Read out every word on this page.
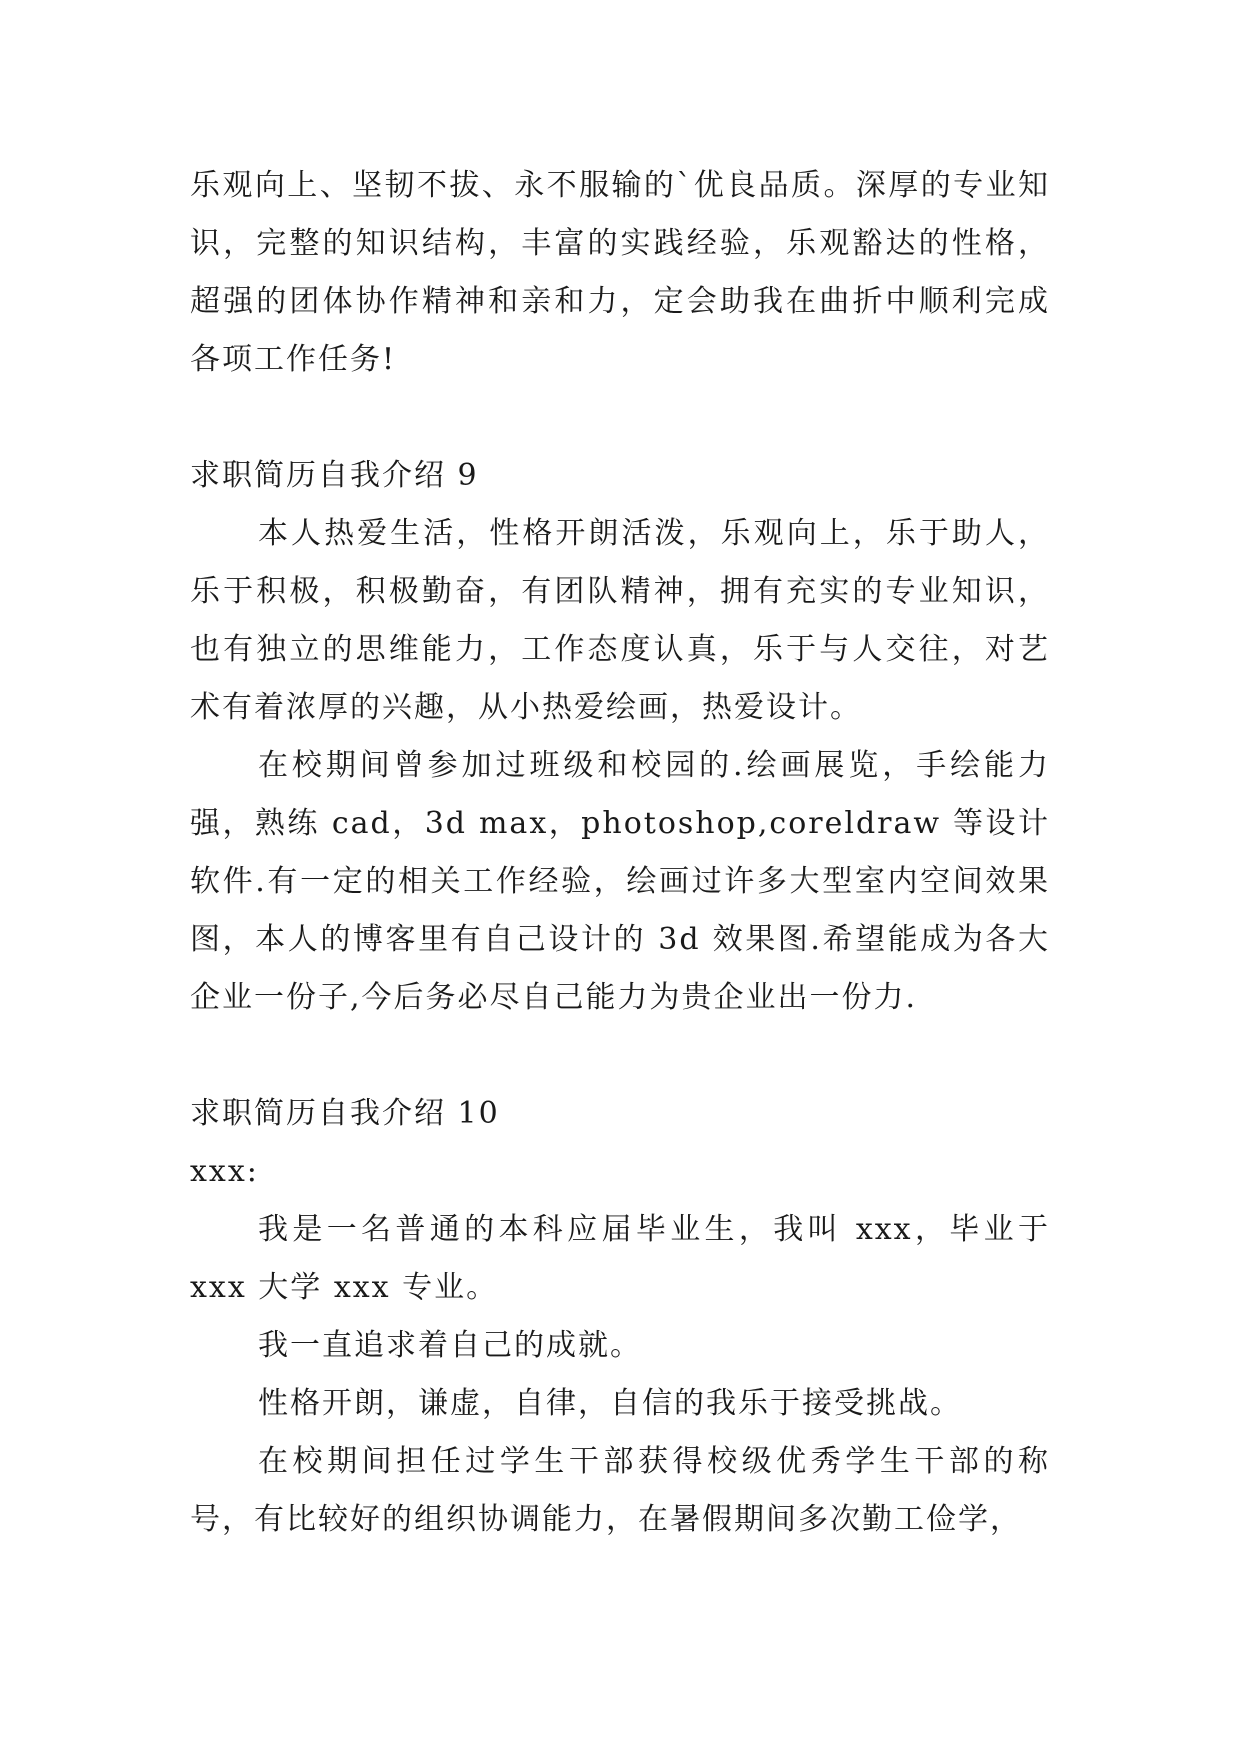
乐观向上、坚韧不拔、永不服输的`优良品质。深厚的专业知识，完整的知识结构，丰富的实践经验，乐观豁达的性格，超强的团体协作精神和亲和力，定会助我在曲折中顺利完成各项工作任务!

求职简历自我介绍 9

本人热爱生活，性格开朗活泼，乐观向上，乐于助人，乐于积极，积极勤奋，有团队精神，拥有充实的专业知识，也有独立的思维能力，工作态度认真，乐于与人交往，对艺术有着浓厚的兴趣，从小热爱绘画，热爱设计。

在校期间曾参加过班级和校园的.绘画展览，手绘能力强，熟练 cad，3d max，photoshop,coreldraw 等设计软件.有一定的相关工作经验，绘画过许多大型室内空间效果图，本人的博客里有自己设计的 3d 效果图.希望能成为各大企业一份子,今后务必尽自己能力为贵企业出一份力.

求职简历自我介绍 10

xxx:

我是一名普通的本科应届毕业生，我叫 xxx，毕业于 xxx 大学 xxx 专业。

我一直追求着自己的成就。

性格开朗，谦虚，自律，自信的我乐于接受挑战。

在校期间担任过学生干部获得校级优秀学生干部的称号，有比较好的组织协调能力，在暑假期间多次勤工俭学，
